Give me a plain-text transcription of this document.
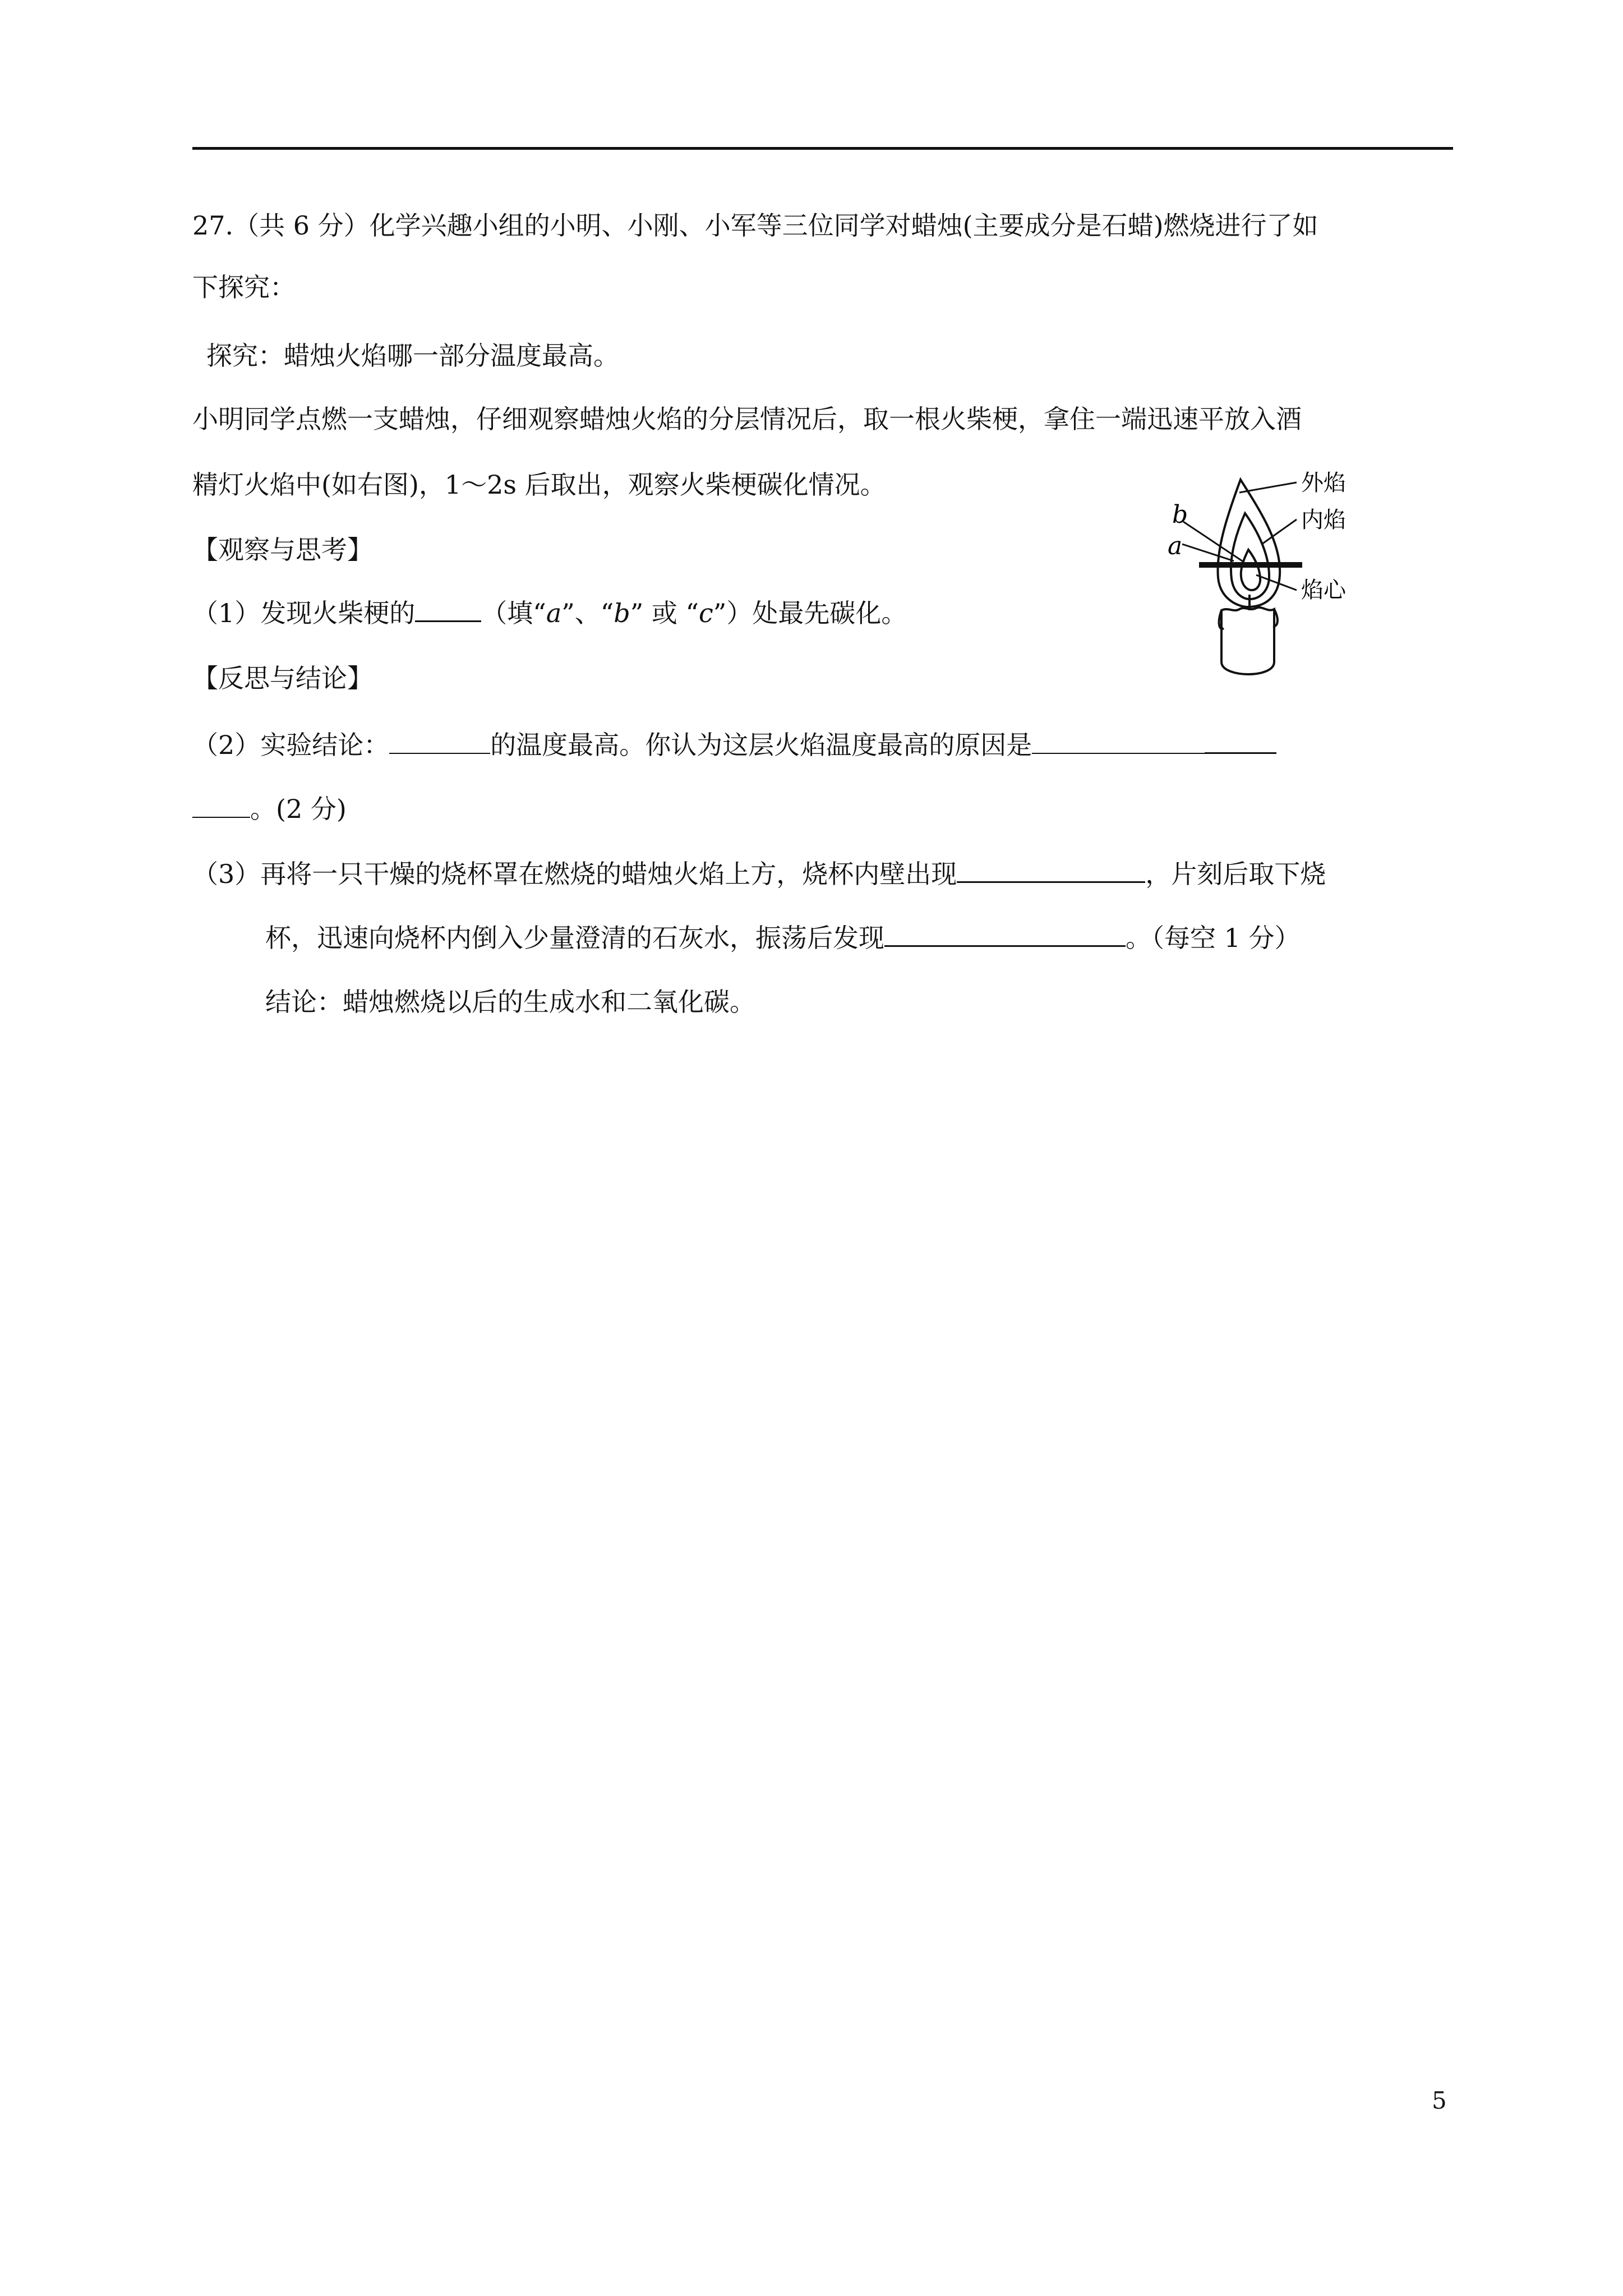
27.（共 6 分）化学兴趣小组的小明、小刚、小军等三位同学对蜡烛(主要成分是石蜡)燃烧进行了如
下探究：
探究：蜡烛火焰哪一部分温度最高。
小明同学点燃一支蜡烛，仔细观察蜡烛火焰的分层情况后，取一根火柴梗，拿住一端迅速平放入酒
精灯火焰中(如右图)，1～2s 后取出，观察火柴梗碳化情况。
【观察与思考】
（1）发现火柴梗的	（填“a”、“b” 或 “c”）处最先碳化。
【反思与结论】
（2）实验结论：	的温度最高。你认为这层火焰温度最高的原因是
。(2 分)
（3）再将一只干燥的烧杯罩在燃烧的蜡烛火焰上方，烧杯内壁出现	，片刻后取下烧
杯，迅速向烧杯内倒入少量澄清的石灰水，振荡后发现	。（每空 1 分）
结论：蜡烛燃烧以后的生成水和二氧化碳。
外焰
内焰
焰心
b
a
5
